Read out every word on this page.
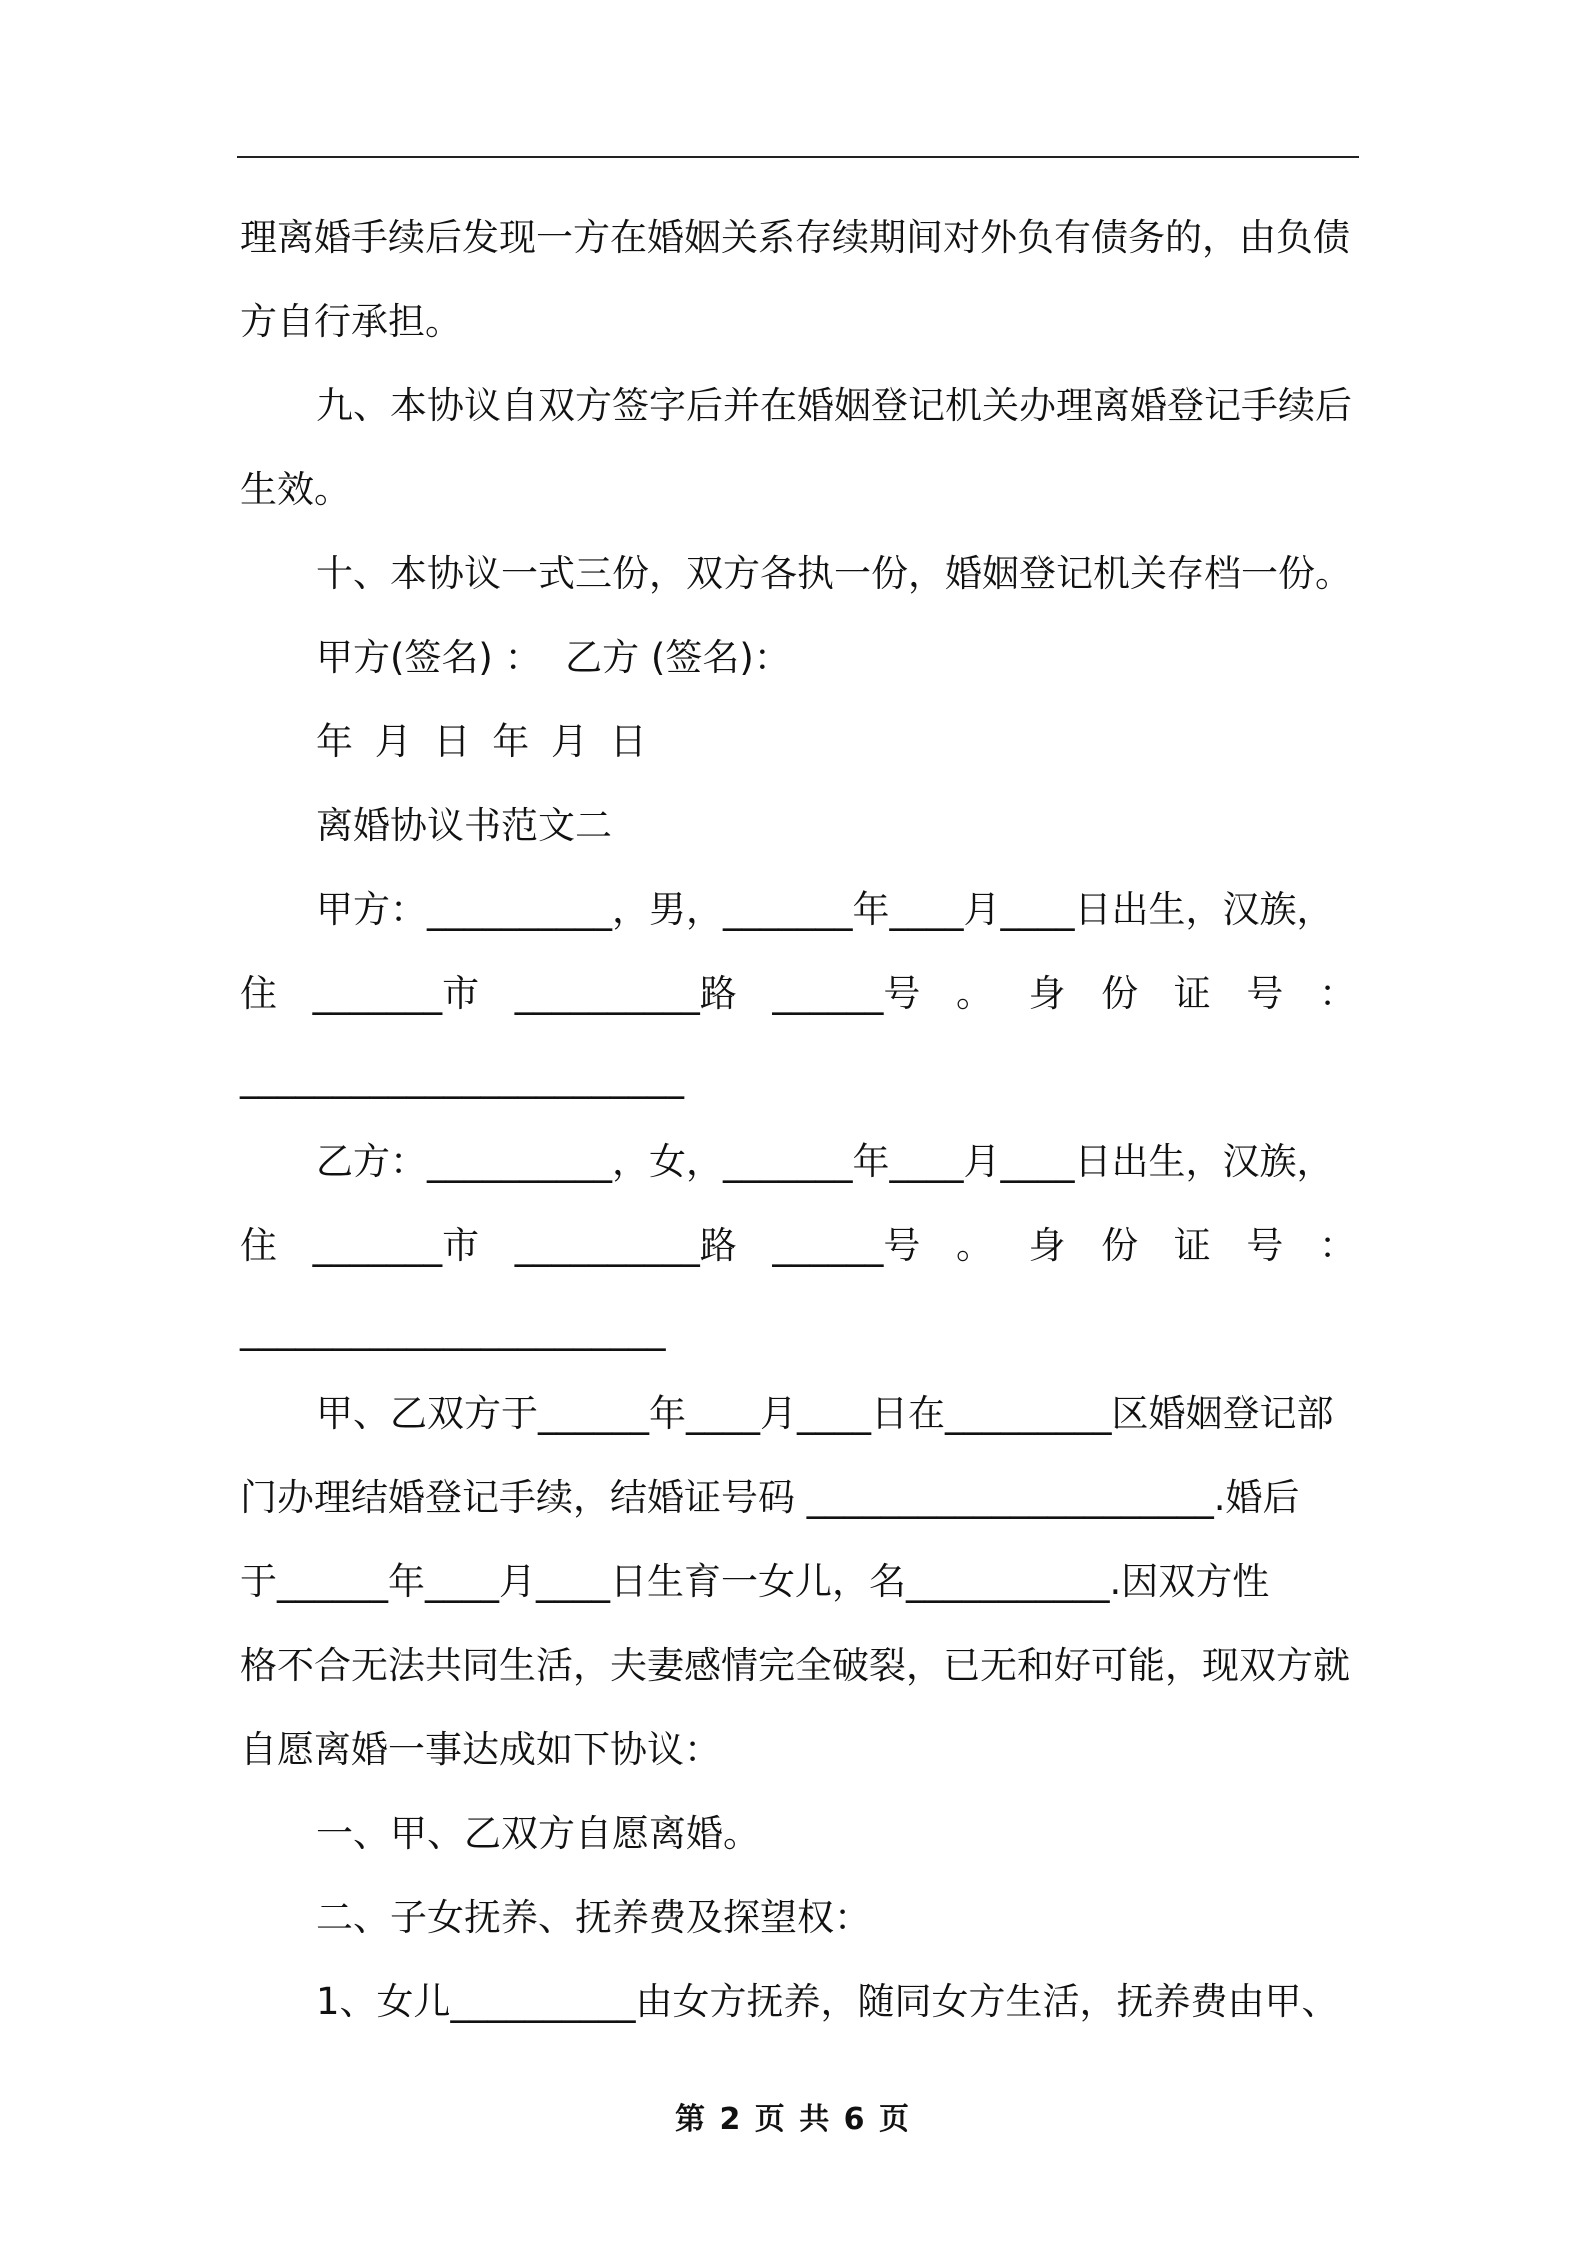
理离婚手续后发现一方在婚姻关系存续期间对外负有债务的，由负债

方自行承担。

九、本协议自双方签字后并在婚姻登记机关办理离婚登记手续后

生效。

十、本协议一式三份，双方各执一份，婚姻登记机关存档一份。

甲方(签名) ：  乙方 (签名)：

年 月 日 年 月 日

离婚协议书范文二

甲方：__________，男，_______年____月____日出生，汉族，

住 _______市 __________路 ______号 。 身 份 证 号 ：

________________________

乙方：__________，女，_______年____月____日出生，汉族，

住 _______市 __________路 ______号 。 身 份 证 号 ：

_______________________

甲、乙双方于______年____月____日在_________区婚姻登记部

门办理结婚登记手续，结婚证号码 ______________________.婚后

于______年____月____日生育一女儿，名___________.因双方性

格不合无法共同生活，夫妻感情完全破裂，已无和好可能，现双方就

自愿离婚一事达成如下协议：

一、甲、乙双方自愿离婚。

二、子女抚养、抚养费及探望权：

1、女儿__________由女方抚养，随同女方生活，抚养费由甲、

第 2 页 共 6 页
